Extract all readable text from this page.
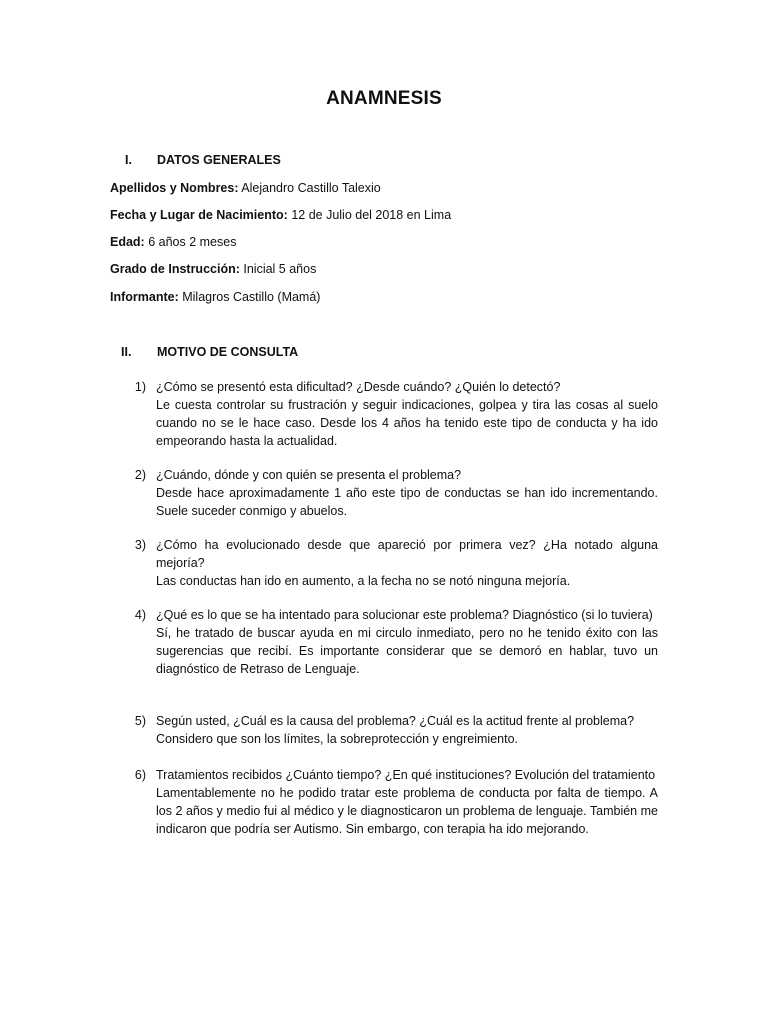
ANAMNESIS
I. DATOS GENERALES
Apellidos y Nombres: Alejandro Castillo Talexio
Fecha y Lugar de Nacimiento: 12 de Julio del 2018 en Lima
Edad: 6 años 2 meses
Grado de Instrucción: Inicial 5 años
Informante: Milagros Castillo (Mamá)
II. MOTIVO DE CONSULTA
1) ¿Cómo se presentó esta dificultad? ¿Desde cuándo? ¿Quién lo detectó?
Le cuesta controlar su frustración y seguir indicaciones, golpea y tira las cosas al suelo cuando no se le hace caso. Desde los 4 años ha tenido este tipo de conducta y ha ido empeorando hasta la actualidad.
2) ¿Cuándo, dónde y con quién se presenta el problema?
Desde hace aproximadamente 1 año este tipo de conductas se han ido incrementando. Suele suceder conmigo y abuelos.
3) ¿Cómo ha evolucionado desde que apareció por primera vez? ¿Ha notado alguna mejoría?
Las conductas han ido en aumento, a la fecha no se notó ninguna mejoría.
4) ¿Qué es lo que se ha intentado para solucionar este problema? Diagnóstico (si lo tuviera)
Sí, he tratado de buscar ayuda en mi circulo inmediato, pero no he tenido éxito con las sugerencias que recibí. Es importante considerar que se demoró en hablar, tuvo un diagnóstico de Retraso de Lenguaje.
5) Según usted, ¿Cuál es la causa del problema? ¿Cuál es la actitud frente al problema?
Considero que son los límites, la sobreprotección y engreimiento.
6) Tratamientos recibidos ¿Cuánto tiempo? ¿En qué instituciones? Evolución del tratamiento
Lamentablemente no he podido tratar este problema de conducta por falta de tiempo. A los 2 años y medio fui al médico y le diagnosticaron un problema de lenguaje. También me indicaron que podría ser Autismo. Sin embargo, con terapia ha ido mejorando.
